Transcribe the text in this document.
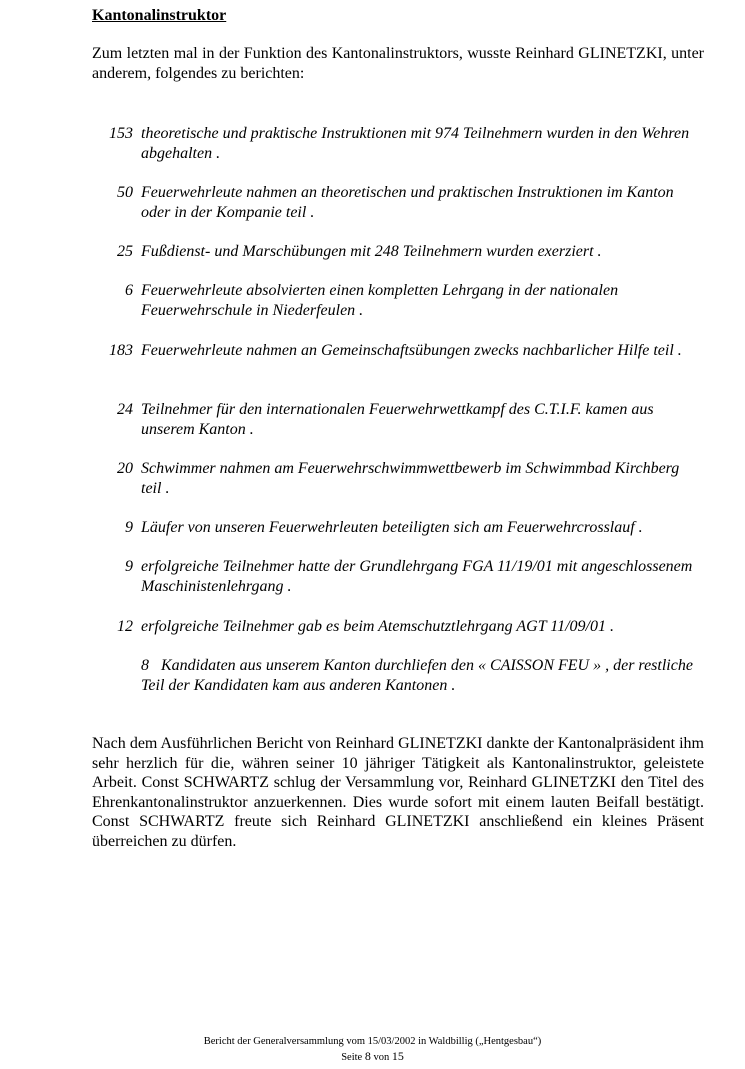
Kantonalinstruktor

Zum letzten mal in der Funktion des Kantonalinstruktors, wusste Reinhard GLINETZKI, unter anderem, folgendes zu berichten:

153 theoretische und praktische Instruktionen mit 974 Teilnehmern wurden in den Wehren abgehalten .
50 Feuerwehrleute nahmen an theoretischen und praktischen Instruktionen im Kanton oder in der Kompanie teil .
25 Fußdienst- und Marschübungen mit 248 Teilnehmern wurden exerziert .
6 Feuerwehrleute absolvierten einen kompletten Lehrgang in der nationalen Feuerwehrschule in Niederfeulen .
183 Feuerwehrleute nahmen an Gemeinschaftsübungen zwecks nachbarlicher Hilfe teil .
24 Teilnehmer für den internationalen Feuerwehrwettkampf des C.T.I.F. kamen aus unserem Kanton .
20 Schwimmer nahmen am Feuerwehrschwimmwettbewerb im Schwimmbad Kirchberg teil .
9 Läufer von unseren Feuerwehrleuten beteiligten sich am Feuerwehrcrosslauf .
9 erfolgreiche Teilnehmer hatte der Grundlehrgang FGA 11/19/01 mit angeschlossenem Maschinistenlehrgang .
12 erfolgreiche Teilnehmer gab es beim Atemschutztlehrgang AGT 11/09/01 .
8 Kandidaten aus unserem Kanton durchliefen den « CAISSON FEU » , der restliche Teil der Kandidaten kam aus anderen Kantonen .

Nach dem Ausführlichen Bericht von Reinhard GLINETZKI dankte der Kantonalpräsident ihm sehr herzlich für die, währen seiner 10 jähriger Tätigkeit als Kantonalinstruktor, geleistete Arbeit. Const SCHWARTZ schlug der Versammlung vor, Reinhard GLINETZKI den Titel des Ehrenkantonalinstruktor anzuerkennen. Dies wurde sofort mit einem lauten Beifall bestätigt. Const SCHWARTZ freute sich Reinhard GLINETZKI anschließend ein kleines Präsent überreichen zu dürfen.

Bericht der Generalversammlung vom 15/03/2002 in Waldbillig („Hentgesbau“)
Seite 8 von 15
